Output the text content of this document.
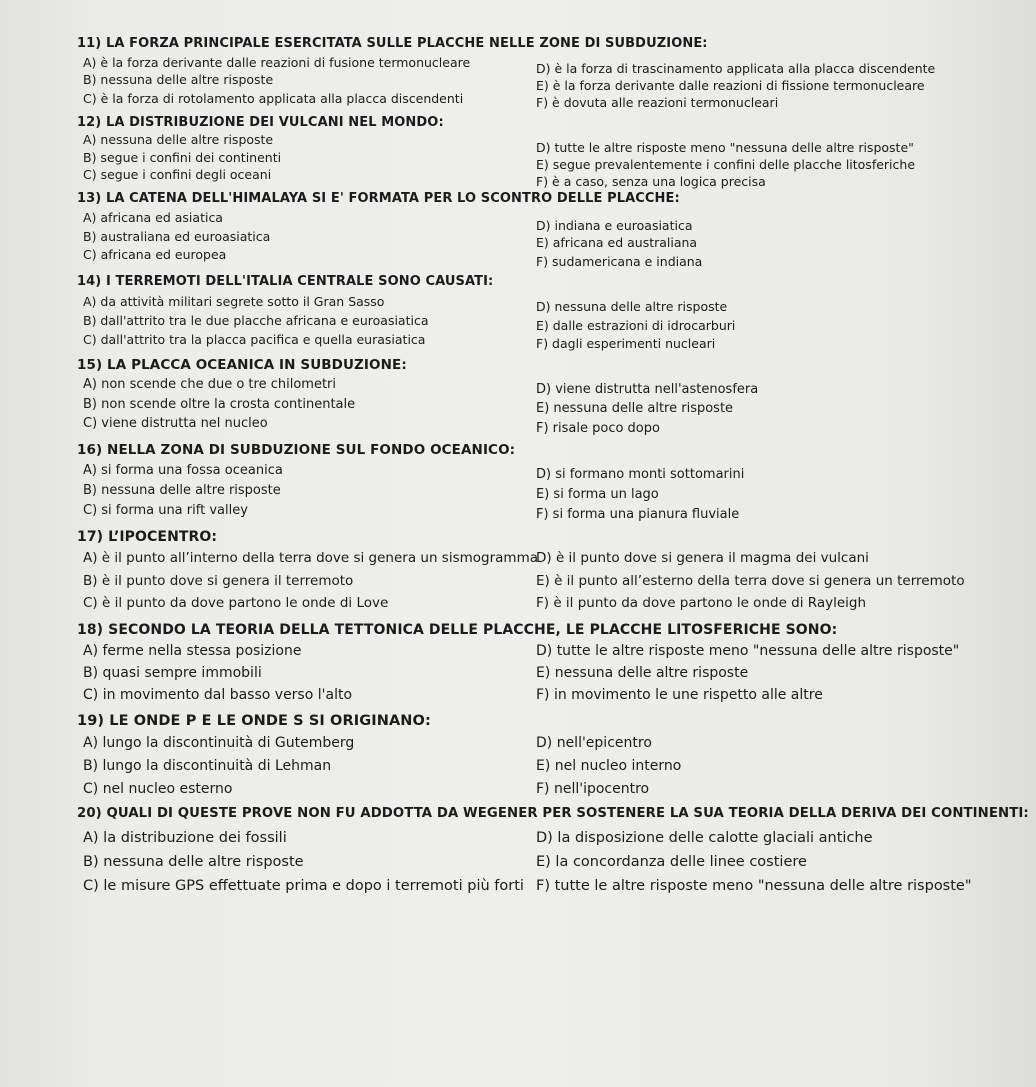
11) LA FORZA PRINCIPALE ESERCITATA SULLE PLACCHE NELLE ZONE DI SUBDUZIONE:
A) è la forza derivante dalle reazioni di fusione termonucleare
B) nessuna delle altre risposte
C) è la forza di rotolamento applicata alla placca discendenti
D) è la forza di trascinamento applicata alla placca discendente
E) è la forza derivante dalle reazioni di fissione termonucleare
F) è dovuta alle reazioni termonucleari
12) LA DISTRIBUZIONE DEI VULCANI NEL MONDO:
A) nessuna delle altre risposte
B) segue i confini dei continenti
C) segue i confini degli oceani
D) tutte le altre risposte meno "nessuna delle altre risposte"
E) segue prevalentemente i confini delle placche litosferiche
F) è a caso, senza una logica precisa
13) LA CATENA DELL'HIMALAYA SI E' FORMATA PER LO SCONTRO DELLE PLACCHE:
A) africana ed asiatica
B) australiana ed euroasiatica
C) africana ed europea
D) indiana e euroasiatica
E) africana ed australiana
F) sudamericana e indiana
14) I TERREMOTI DELL'ITALIA CENTRALE SONO CAUSATI:
A) da attività militari segrete sotto il Gran Sasso
B) dall'attrito tra le due placche africana e euroasiatica
C) dall'attrito tra la placca pacifica e quella eurasiatica
D) nessuna delle altre risposte
E) dalle estrazioni di idrocarburi
F) dagli esperimenti nucleari
15) LA PLACCA OCEANICA IN SUBDUZIONE:
A) non scende che due o tre chilometri
B) non scende oltre la crosta continentale
C) viene distrutta nel nucleo
D) viene distrutta nell'astenosfera
E) nessuna delle altre risposte
F) risale poco dopo
16) NELLA ZONA DI SUBDUZIONE SUL FONDO OCEANICO:
A) si forma una fossa oceanica
B) nessuna delle altre risposte
C) si forma una rift valley
D) si formano monti sottomarini
E) si forma un lago
F) si forma una pianura fluviale
17) L’IPOCENTRO:
A) è il punto all’interno della terra dove si genera un sismogramma
B) è il punto dove si genera il terremoto
C) è il punto da dove partono le onde di Love
D) è il punto dove si genera il magma dei vulcani
E) è il punto all’esterno della terra dove si genera un terremoto
F) è il punto da dove partono le onde di Rayleigh
18) SECONDO LA TEORIA DELLA TETTONICA DELLE PLACCHE, LE PLACCHE LITOSFERICHE SONO:
A) ferme nella stessa posizione
B) quasi sempre immobili
C) in movimento dal basso verso l'alto
D) tutte le altre risposte meno "nessuna delle altre risposte"
E) nessuna delle altre risposte
F) in movimento le une rispetto alle altre
19) LE ONDE P E LE ONDE S SI ORIGINANO:
A) lungo la discontinuità di Gutemberg
B) lungo la discontinuità di Lehman
C) nel nucleo esterno
D) nell'epicentro
E) nel nucleo interno
F) nell'ipocentro
20) QUALI DI QUESTE PROVE NON FU ADDOTTA DA WEGENER PER SOSTENERE LA SUA TEORIA DELLA DERIVA DEI CONTINENTI:
A) la distribuzione dei fossili
B) nessuna delle altre risposte
C) le misure GPS effettuate prima e dopo i terremoti più forti
D) la disposizione delle calotte glaciali antiche
E) la concordanza delle linee costiere
F) tutte le altre risposte meno "nessuna delle altre risposte"
